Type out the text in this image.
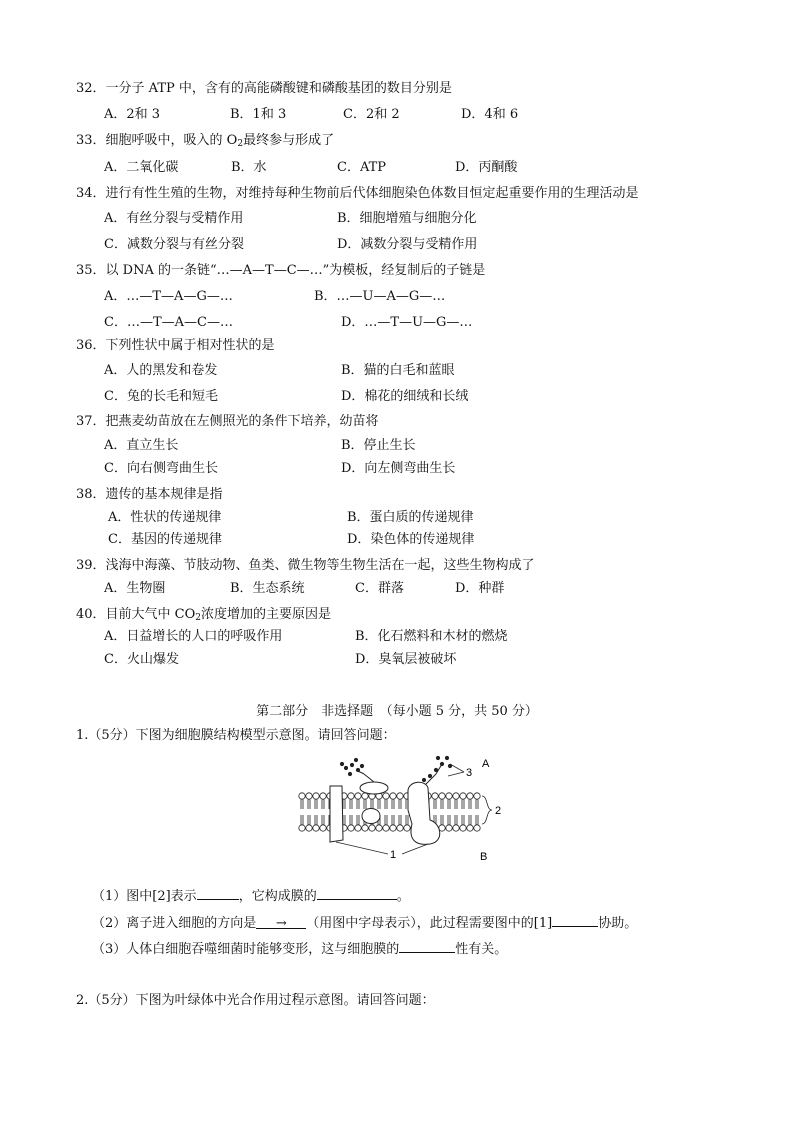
32．一分子 ATP 中，含有的高能磷酸键和磷酸基团的数目分别是
A．2和 3	B．1和 3	C．2和 2	D．4和 6
33．细胞呼吸中，吸入的 $O_2$最终参与形成了
A．二氧化碳	B．水	C．ATP	D．丙酮酸
34．进行有性生殖的生物，对维持每种生物前后代体细胞染色体数目恒定起重要作用的生理活动是
A．有丝分裂与受精作用	B．细胞增殖与细胞分化
C．减数分裂与有丝分裂	D．减数分裂与受精作用
35．以 DNA 的一条链“…—A—T—C—…”为模板，经复制后的子链是
A．…—T—A—G—…	B．…—U—A—G—…
C．…—T—A—C—…	D．…—T—U—G—…
36．下列性状中属于相对性状的是
A．人的黑发和卷发	B．猫的白毛和蓝眼
C．兔的长毛和短毛	D．棉花的细绒和长绒
37．把燕麦幼苗放在左侧照光的条件下培养，幼苗将
A．直立生长	B．停止生长
C．向右侧弯曲生长	D．向左侧弯曲生长
38．遗传的基本规律是指
A．性状的传递规律	B．蛋白质的传递规律
C．基因的传递规律	D．染色体的传递规律
39．浅海中海藻、节肢动物、鱼类、微生物等生物生活在一起，这些生物构成了
A．生物圈	B．生态系统	C．群落	D．种群
40．目前大气中 $CO_2$浓度增加的主要原因是
A．日益增长的人口的呼吸作用	B．化石燃料和木材的燃烧
C．火山爆发	D．臭氧层被破坏
第二部分　非选择题　（每小题 5 分，共 50 分）
1.（5分）下图为细胞膜结构模型示意图。请回答问题：
3
2
1
A
B
（1）图中[2]表示	，它构成膜的	。
（2）离子进入细胞的方向是 → （用图中字母表示），此过程需要图中的[1]	协助。
（3）人体白细胞吞噬细菌时能够变形，这与细胞膜的	性有关。
2.（5分）下图为叶绿体中光合作用过程示意图。请回答问题：
